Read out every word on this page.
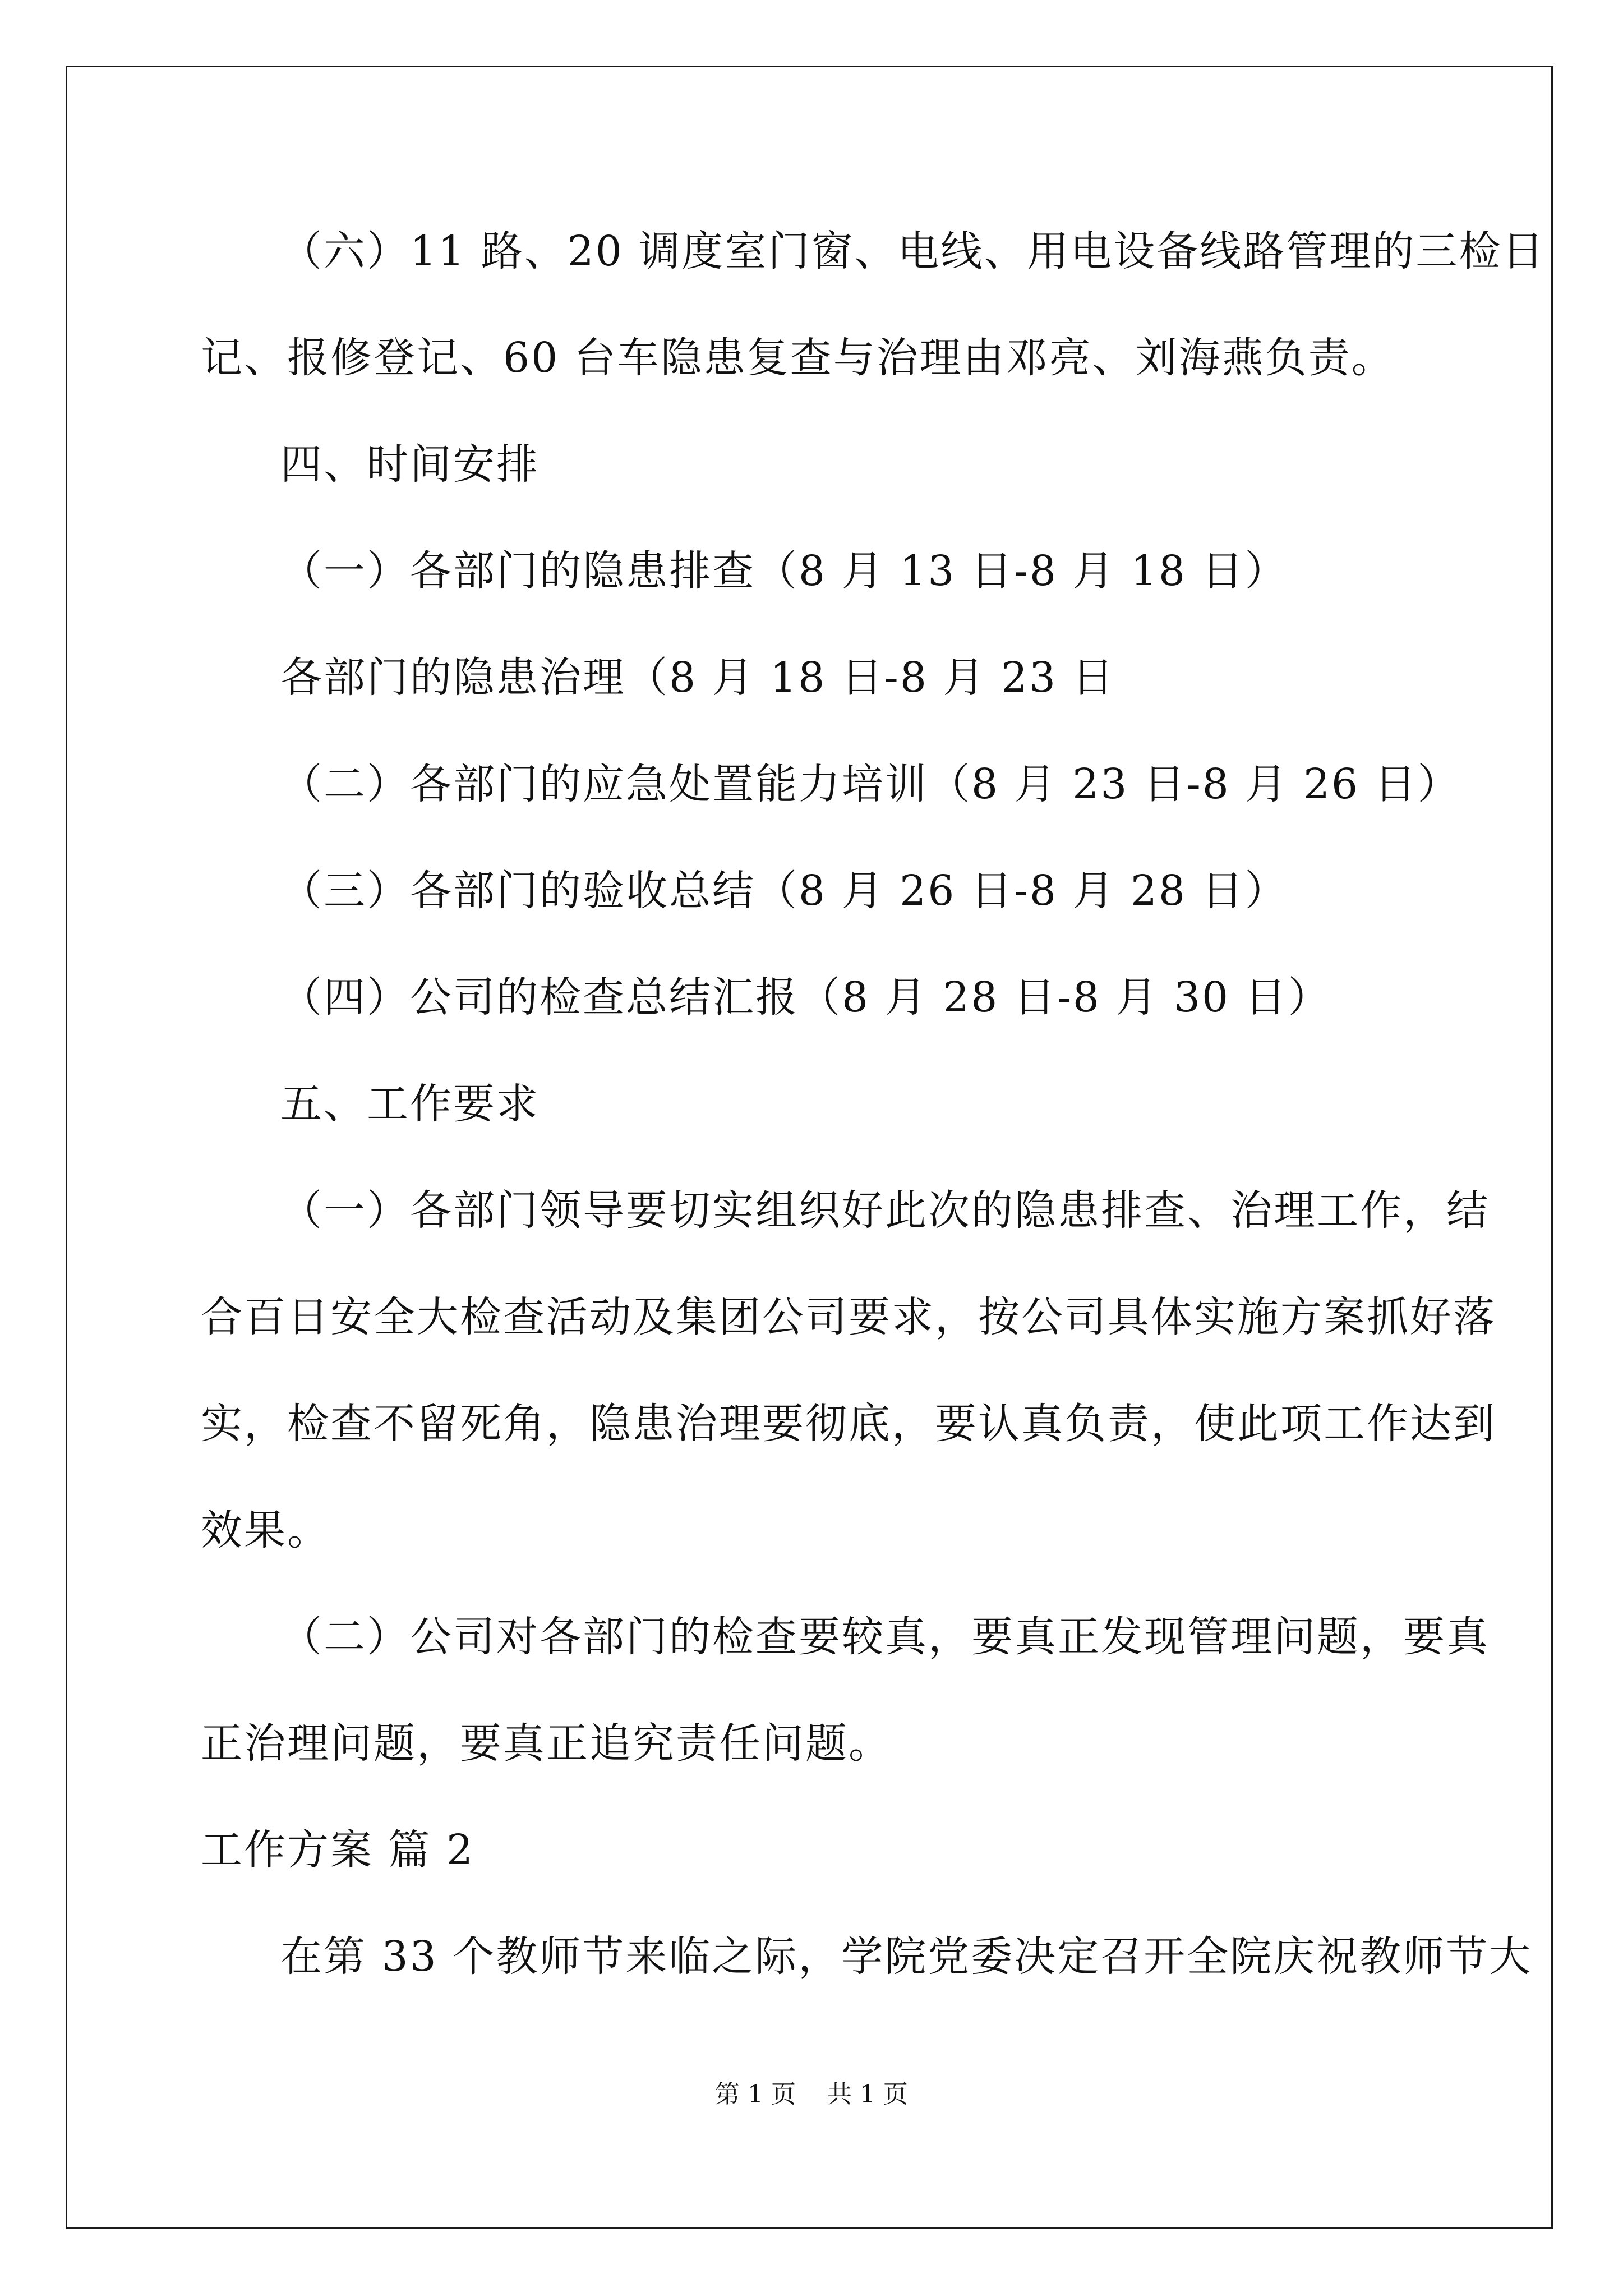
（六）11 路、20 调度室门窗、电线、用电设备线路管理的三检日
记、报修登记、60 台车隐患复查与治理由邓亮、刘海燕负责。
四、时间安排
（一）各部门的隐患排查（8 月 13 日-8 月 18 日）
各部门的隐患治理（8 月 18 日-8 月 23 日
（二）各部门的应急处置能力培训（8 月 23 日-8 月 26 日）
（三）各部门的验收总结（8 月 26 日-8 月 28 日）
（四）公司的检查总结汇报（8 月 28 日-8 月 30 日）
五、工作要求
（一）各部门领导要切实组织好此次的隐患排查、治理工作，结
合百日安全大检查活动及集团公司要求，按公司具体实施方案抓好落
实，检查不留死角，隐患治理要彻底，要认真负责，使此项工作达到
效果。
（二）公司对各部门的检查要较真，要真正发现管理问题，要真
正治理问题，要真正追究责任问题。
工作方案 篇 2
在第 33 个教师节来临之际，学院党委决定召开全院庆祝教师节大
第 1 页    共 1 页
